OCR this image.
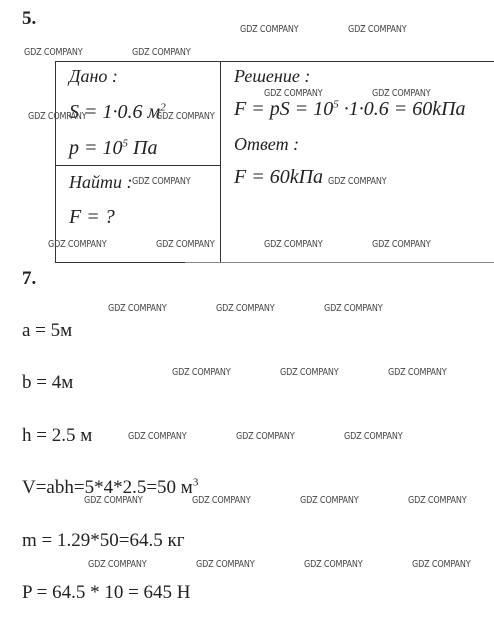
5.
Дано :
S = 1·0.6 $м^2$
$p = 10^5$ Па
Найти :
F = ?
Решение :
F = pS = $10^5 \cdot 1\cdot 0.6 = 60kПа$
Ответ :
F = 60kПа
7.
a = 5м
b = 4м
h = 2.5 м
V=abh=5*4*2.5=50 $м^3$
m = 1.29*50=64.5 кг
P = 64.5 * 10 = 645 Н
GDZ COMPANY	GDZ COMPANY
GDZ COMPANY	GDZ COMPANY
GDZ COMPANY	GDZ COMPANY
GDZ COMPANY	GDZ COMPANY
GDZ COMPANY	GDZ COMPANY
GDZ COMPANY	GDZ COMPANY	GDZ COMPANY	GDZ COMPANY
GDZ COMPANY	GDZ COMPANY	GDZ COMPANY
GDZ COMPANY	GDZ COMPANY	GDZ COMPANY
GDZ COMPANY	GDZ COMPANY	GDZ COMPANY
GDZ COMPANY	GDZ COMPANY	GDZ COMPANY	GDZ COMPANY
GDZ COMPANY	GDZ COMPANY	GDZ COMPANY	GDZ COMPANY
